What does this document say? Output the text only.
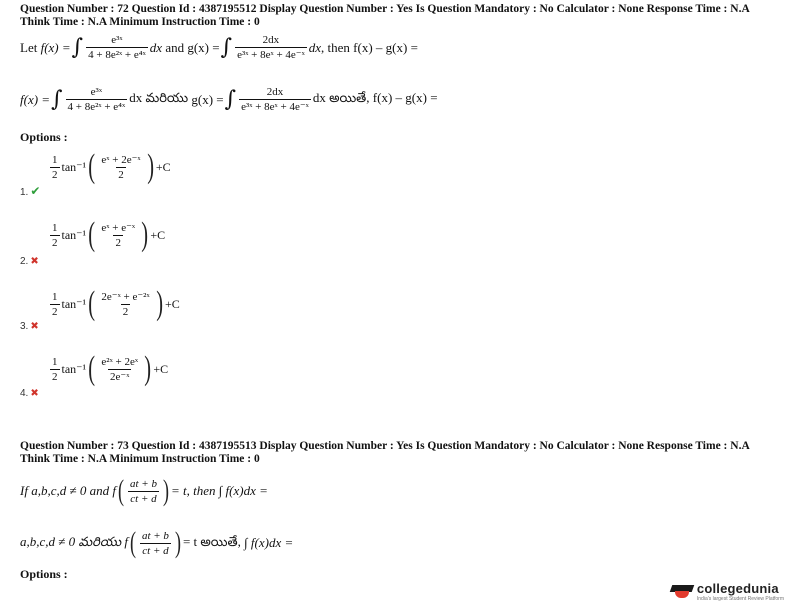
Question Number : 72 Question Id : 4387195512 Display Question Number : Yes Is Question Mandatory : No Calculator : None Response Time : N.A Think Time : N.A Minimum Instruction Time : 0
Let
f(x) = ∫ $\frac{\text{e³ˣ}}{\text{4 + 8e²ˣ + e⁴ˣ}}$ dx
and
g(x) = ∫ $\frac{2dx}{\text{e³ˣ + 8eˣ + 4e⁻ˣ}}$ dx , then f(x) – g(x) =
f(x) = ∫ $\frac{\text{e³ˣ}}{\text{4 + 8e²ˣ + e⁴ˣ}}$ dx మరియు
g(x) = ∫ $\frac{2dx}{\text{e³ˣ + 8eˣ + 4e⁻ˣ}}$ dx అయితే, f(x) – g(x) =
Options :
$\frac{1}{2} \tan^{-1}$ ( $\frac{\text{eˣ + 2e⁻ˣ}}{2}$ ) +C
1. ✔
$\frac{1}{2} \tan^{-1}$ ( $\frac{\text{eˣ + e⁻ˣ}}{2}$ ) +C
2. ✖
$\frac{1}{2} \tan^{-1}$ ( $\frac{\text{2e⁻ˣ + e⁻²ˣ}}{2}$ ) +C
3. ✖
$\frac{1}{2} \tan^{-1}$ ( $\frac{\text{e²ˣ + 2eˣ}}{\text{2e⁻ˣ}}$ ) +C
4. ✖
Question Number : 73 Question Id : 4387195513 Display Question Number : Yes Is Question Mandatory : No Calculator : None Response Time : N.A Think Time : N.A Minimum Instruction Time : 0
If a,b,c,d ≠ 0 and f ( $\frac{at + b}{ct + d}$ ) = t, then
∫ f(x)dx =
a,b,c,d ≠ 0 మరియు f ( $\frac{at + b}{ct + d}$ ) = t అయితే,
∫ f(x)dx =
Options :
collegedunia
India's largest Student Review Platform
